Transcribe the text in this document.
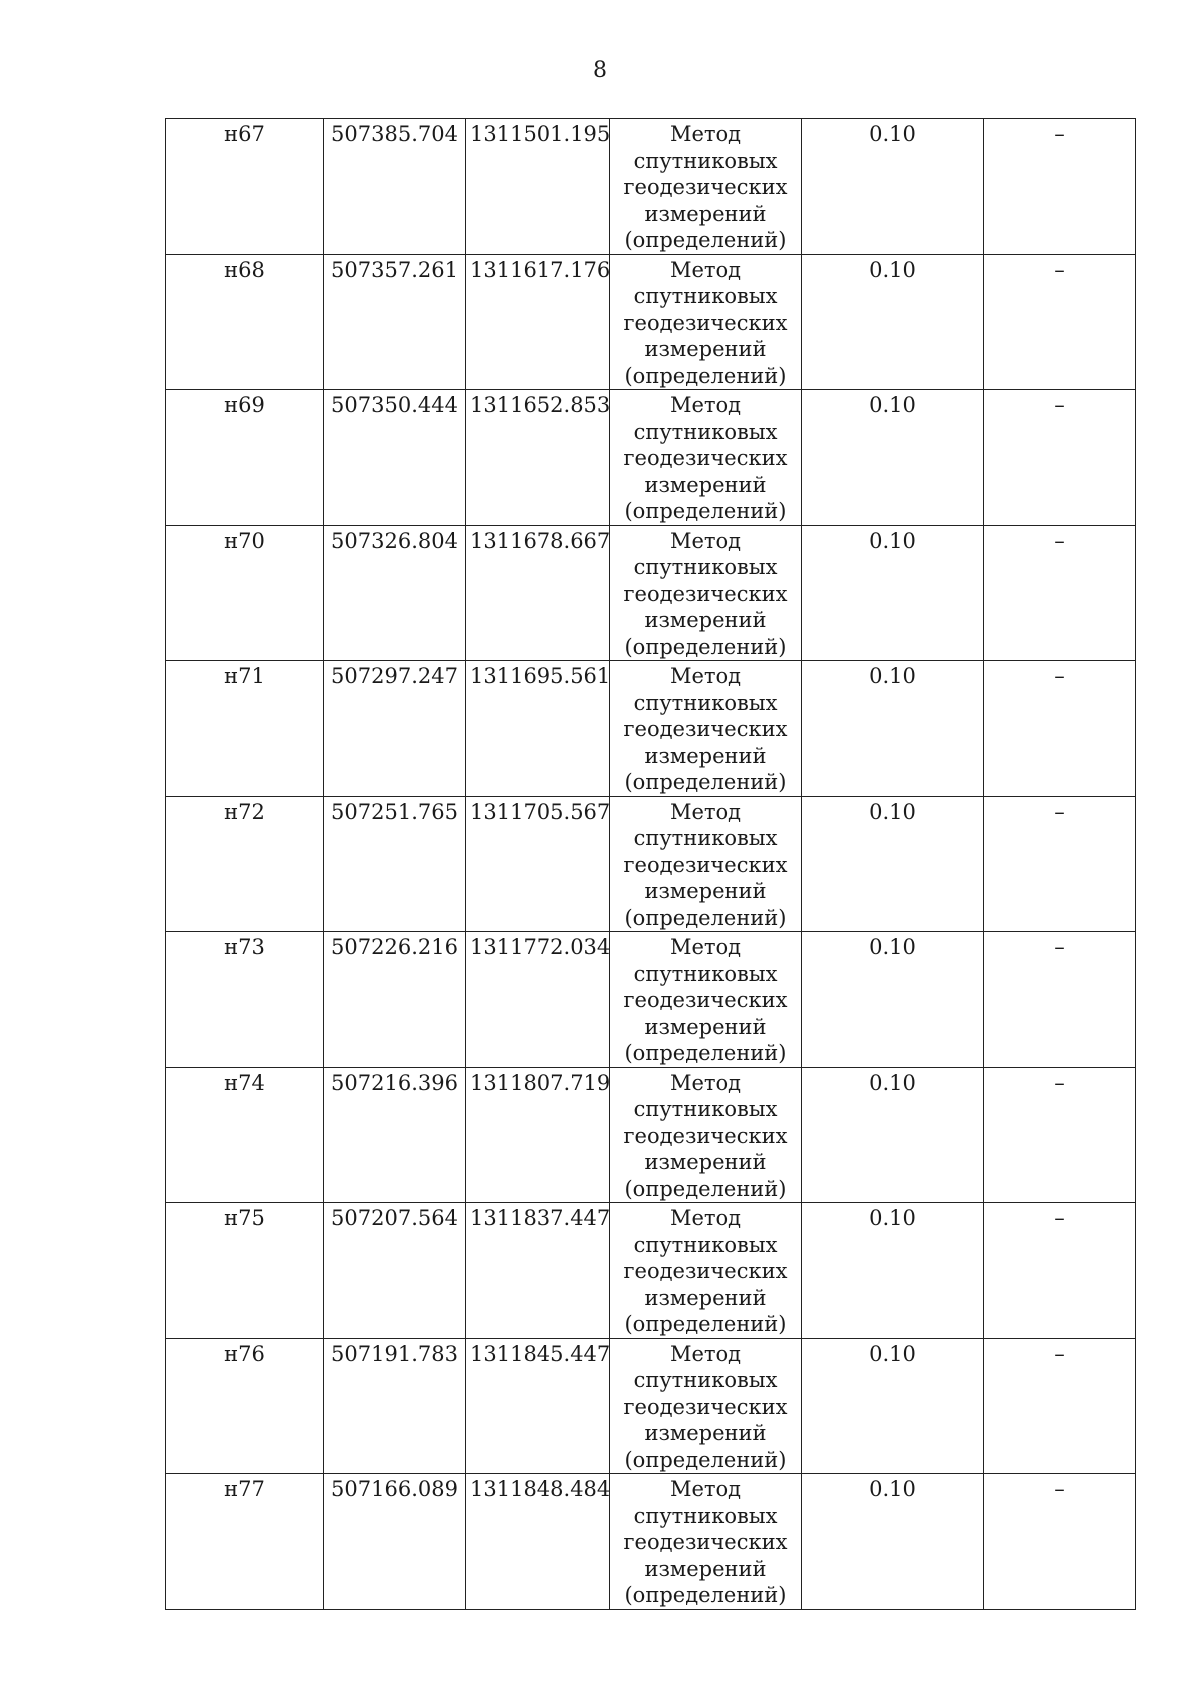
8
н67	507385.704	1311501.195	Метод спутниковых геодезических измерений (определений)	0.10	–
н68	507357.261	1311617.176	Метод спутниковых геодезических измерений (определений)	0.10	–
н69	507350.444	1311652.853	Метод спутниковых геодезических измерений (определений)	0.10	–
н70	507326.804	1311678.667	Метод спутниковых геодезических измерений (определений)	0.10	–
н71	507297.247	1311695.561	Метод спутниковых геодезических измерений (определений)	0.10	–
н72	507251.765	1311705.567	Метод спутниковых геодезических измерений (определений)	0.10	–
н73	507226.216	1311772.034	Метод спутниковых геодезических измерений (определений)	0.10	–
н74	507216.396	1311807.719	Метод спутниковых геодезических измерений (определений)	0.10	–
н75	507207.564	1311837.447	Метод спутниковых геодезических измерений (определений)	0.10	–
н76	507191.783	1311845.447	Метод спутниковых геодезических измерений (определений)	0.10	–
н77	507166.089	1311848.484	Метод спутниковых геодезических измерений (определений)	0.10	–
